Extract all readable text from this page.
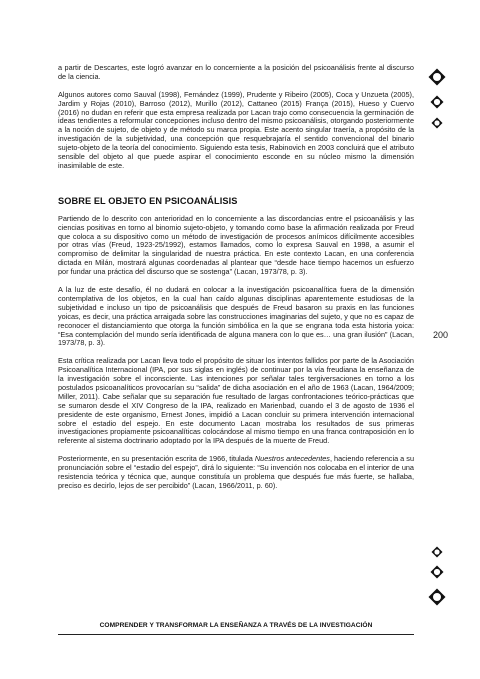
a partir de Descartes, este logró avanzar en lo concerniente a la posición del psicoanálisis frente al discurso de la ciencia.

Algunos autores como Sauval (1998), Fernández (1999), Prudente y Ribeiro (2005), Coca y Unzueta (2005), Jardim y Rojas (2010), Barroso (2012), Murillo (2012), Cattaneo (2015) França (2015), Hueso y Cuervo (2016) no dudan en referir que esta empresa realizada por Lacan trajo como consecuencia la germinación de ideas tendientes a reformular concepciones incluso dentro del mismo psicoanálisis, otorgando posteriormente a la noción de sujeto, de objeto y de método su marca propia. Este acento singular traería, a propósito de la investigación de la subjetividad, una concepción que resquebrajaría el sentido convencional del binario sujeto-objeto de la teoría del conocimiento. Siguiendo esta tesis, Rabinovich en 2003 concluirá que el atributo sensible del objeto al que puede aspirar el conocimiento esconde en su núcleo mismo la dimensión inasimilable de este.

SOBRE EL OBJETO EN PSICOANÁLISIS

Partiendo de lo descrito con anterioridad en lo concerniente a las discordancias entre el psicoanálisis y las ciencias positivas en torno al binomio sujeto-objeto, y tomando como base la afirmación realizada por Freud que coloca a su dispositivo como un método de investigación de procesos anímicos difícilmente accesibles por otras vías (Freud, 1923-25/1992), estamos llamados, como lo expresa Sauval en 1998, a asumir el compromiso de delimitar la singularidad de nuestra práctica. En este contexto Lacan, en una conferencia dictada en Milán, mostrará algunas coordenadas al plantear que “desde hace tiempo hacemos un esfuerzo por fundar una práctica del discurso que se sostenga” (Lacan, 1973/78, p. 3).

A la luz de este desafío, él no dudará en colocar a la investigación psicoanalítica fuera de la dimensión contemplativa de los objetos, en la cual han caído algunas disciplinas aparentemente estudiosas de la subjetividad e incluso un tipo de psicoanálisis que después de Freud basaron su praxis en las funciones yoicas, es decir, una práctica arraigada sobre las construcciones imaginarias del sujeto, y que no es capaz de reconocer el distanciamiento que otorga la función simbólica en la que se engrana toda esta historia yoica: “Esa contemplación del mundo sería identificada de alguna manera con lo que es… una gran ilusión” (Lacan, 1973/78, p. 3).

Esta crítica realizada por Lacan lleva todo el propósito de situar los intentos fallidos por parte de la Asociación Psicoanalítica Internacional (IPA, por sus siglas en inglés) de continuar por la vía freudiana la enseñanza de la investigación sobre el inconsciente. Las intenciones por señalar tales tergiversaciones en torno a los postulados psicoanalíticos provocarían su “salida” de dicha asociación en el año de 1963 (Lacan, 1964/2009; Miller, 2011). Cabe señalar que su separación fue resultado de largas confrontaciones teórico-prácticas que se sumaron desde el XIV Congreso de la IPA, realizado en Marienbad, cuando el 3 de agosto de 1936 el presidente de este organismo, Ernest Jones, impidió a Lacan concluir su primera intervención internacional sobre el estadio del espejo. En este documento Lacan mostraba los resultados de sus primeras investigaciones propiamente psicoanalíticas colocándose al mismo tiempo en una franca contraposición en lo referente al sistema doctrinario adoptado por la IPA después de la muerte de Freud.

Posteriormente, en su presentación escrita de 1966, titulada Nuestros antecedentes, haciendo referencia a su pronunciación sobre el “estadio del espejo”, dirá lo siguiente: “Su invención nos colocaba en el interior de una resistencia teórica y técnica que, aunque constituía un problema que después fue más fuerte, se hallaba, preciso es decirlo, lejos de ser percibido” (Lacan, 1966/2011, p. 60).

200
COMPRENDER Y TRANSFORMAR LA ENSEÑANZA A TRAVÉS DE LA INVESTIGACIÓN
